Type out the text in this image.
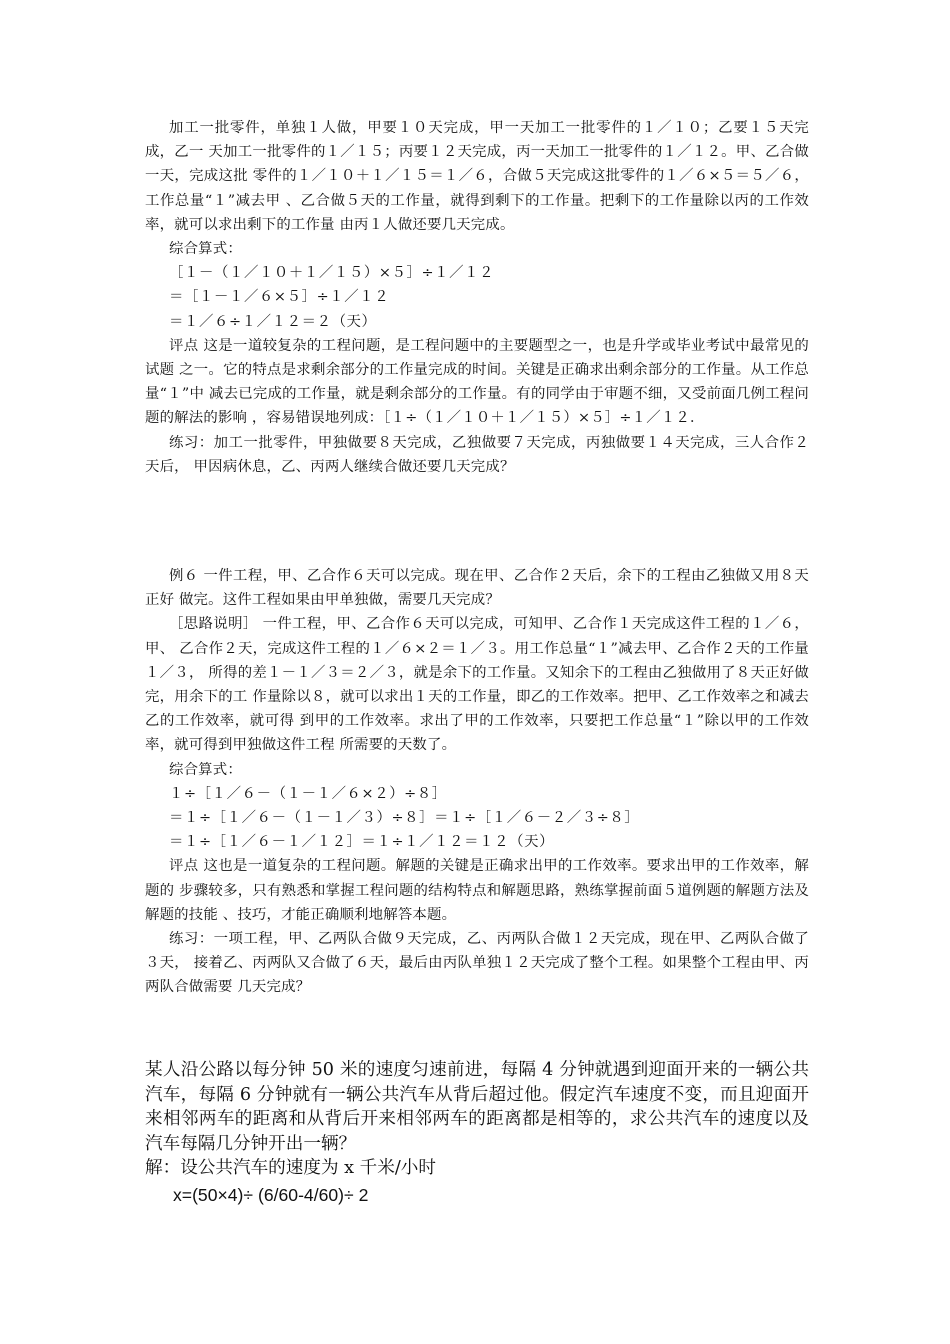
加工一批零件，单独１人做，甲要１０天完成，甲一天加工一批零件的１／１０；乙要１５天完成，乙一 天加工一批零件的１／１５；丙要１２天完成，丙一天加工一批零件的１／１２。甲、乙合做一天，完成这批 零件的１／１０＋１／１５＝１／６，合做５天完成这批零件的１／６×５＝５／６，工作总量“１”减去甲 、乙合做５天的工作量，就得到剩下的工作量。把剩下的工作量除以丙的工作效率，就可以求出剩下的工作量 由丙１人做还要几天完成。

综合算式：

［１－（１／１０＋１／１５）×５］÷１／１２

＝［１－１／６×５］÷１／１２

＝１／６÷１／１２＝２（天）

评点 这是一道较复杂的工程问题，是工程问题中的主要题型之一，也是升学或毕业考试中最常见的试题 之一。它的特点是求剩余部分的工作量完成的时间。关键是正确求出剩余部分的工作量。从工作总量“１”中 减去已完成的工作量，就是剩余部分的工作量。有的同学由于审题不细，又受前面几例工程问题的解法的影响 ，容易错误地列成：［１÷（１／１０＋１／１５）×５］÷１／１２．

练习：加工一批零件，甲独做要８天完成，乙独做要７天完成，丙独做要１４天完成，三人合作２天后， 甲因病休息，乙、丙两人继续合做还要几天完成？

例６ 一件工程，甲、乙合作６天可以完成。现在甲、乙合作２天后，余下的工程由乙独做又用８天正好 做完。这件工程如果由甲单独做，需要几天完成？

［思路说明］ 一件工程，甲、乙合作６天可以完成，可知甲、乙合作１天完成这件工程的１／６，甲、 乙合作２天，完成这件工程的１／６×２＝１／３。用工作总量“１”减去甲、乙合作２天的工作量１／３， 所得的差１－１／３＝２／３，就是余下的工作量。又知余下的工程由乙独做用了８天正好做完，用余下的工 作量除以８，就可以求出１天的工作量，即乙的工作效率。把甲、乙工作效率之和减去乙的工作效率，就可得 到甲的工作效率。求出了甲的工作效率，只要把工作总量“１”除以甲的工作效率，就可得到甲独做这件工程 所需要的天数了。

综合算式：

１÷［１／６－（１－１／６×２）÷８］

＝１÷［１／６－（１－１／３）÷８］＝１÷［１／６－２／３÷８］

＝１÷［１／６－１／１２］＝１÷１／１２＝１２（天）

评点 这也是一道复杂的工程问题。解题的关键是正确求出甲的工作效率。要求出甲的工作效率，解题的 步骤较多，只有熟悉和掌握工程问题的结构特点和解题思路，熟练掌握前面５道例题的解题方法及解题的技能 、技巧，才能正确顺利地解答本题。

练习：一项工程，甲、乙两队合做９天完成，乙、丙两队合做１２天完成，现在甲、乙两队合做了３天， 接着乙、丙两队又合做了６天，最后由丙队单独１２天完成了整个工程。如果整个工程由甲、丙两队合做需要 几天完成？

某人沿公路以每分钟 50 米的速度匀速前进，每隔 4 分钟就遇到迎面开来的一辆公共汽车，每隔 6 分钟就有一辆公共汽车从背后超过他。假定汽车速度不变，而且迎面开来相邻两车的距离和从背后开来相邻两车的距离都是相等的，求公共汽车的速度以及汽车每隔几分钟开出一辆？

解：设公共汽车的速度为 x 千米/小时

x=(50×4)÷ (6/60-4/60)÷ 2
